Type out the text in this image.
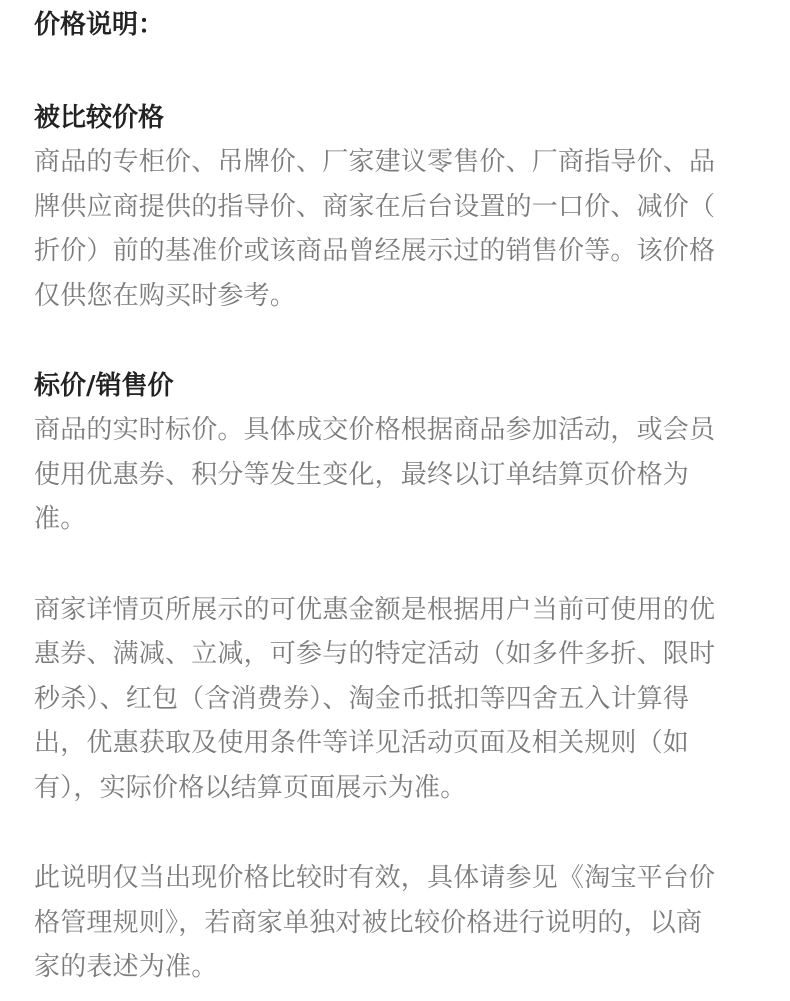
价格说明：
被比较价格

商品的专柜价、吊牌价、厂家建议零售价、厂商指导价、品

牌供应商提供的指导价、商家在后台设置的一口价、减价（

折价）前的基准价或该商品曾经展示过的销售价等。该价格

仅供您在购买时参考。

标价/销售价

商品的实时标价。具体成交价格根据商品参加活动，或会员

使用优惠券、积分等发生变化，最终以订单结算页价格为

准。

商家详情页所展示的可优惠金额是根据用户当前可使用的优

惠券、满减、立减，可参与的特定活动（如多件多折、限时

秒杀）、红包（含消费券）、淘金币抵扣等四舍五入计算得

出，优惠获取及使用条件等详见活动页面及相关规则（如

有），实际价格以结算页面展示为准。

此说明仅当出现价格比较时有效，具体请参见《淘宝平台价

格管理规则》，若商家单独对被比较价格进行说明的，以商

家的表述为准。
